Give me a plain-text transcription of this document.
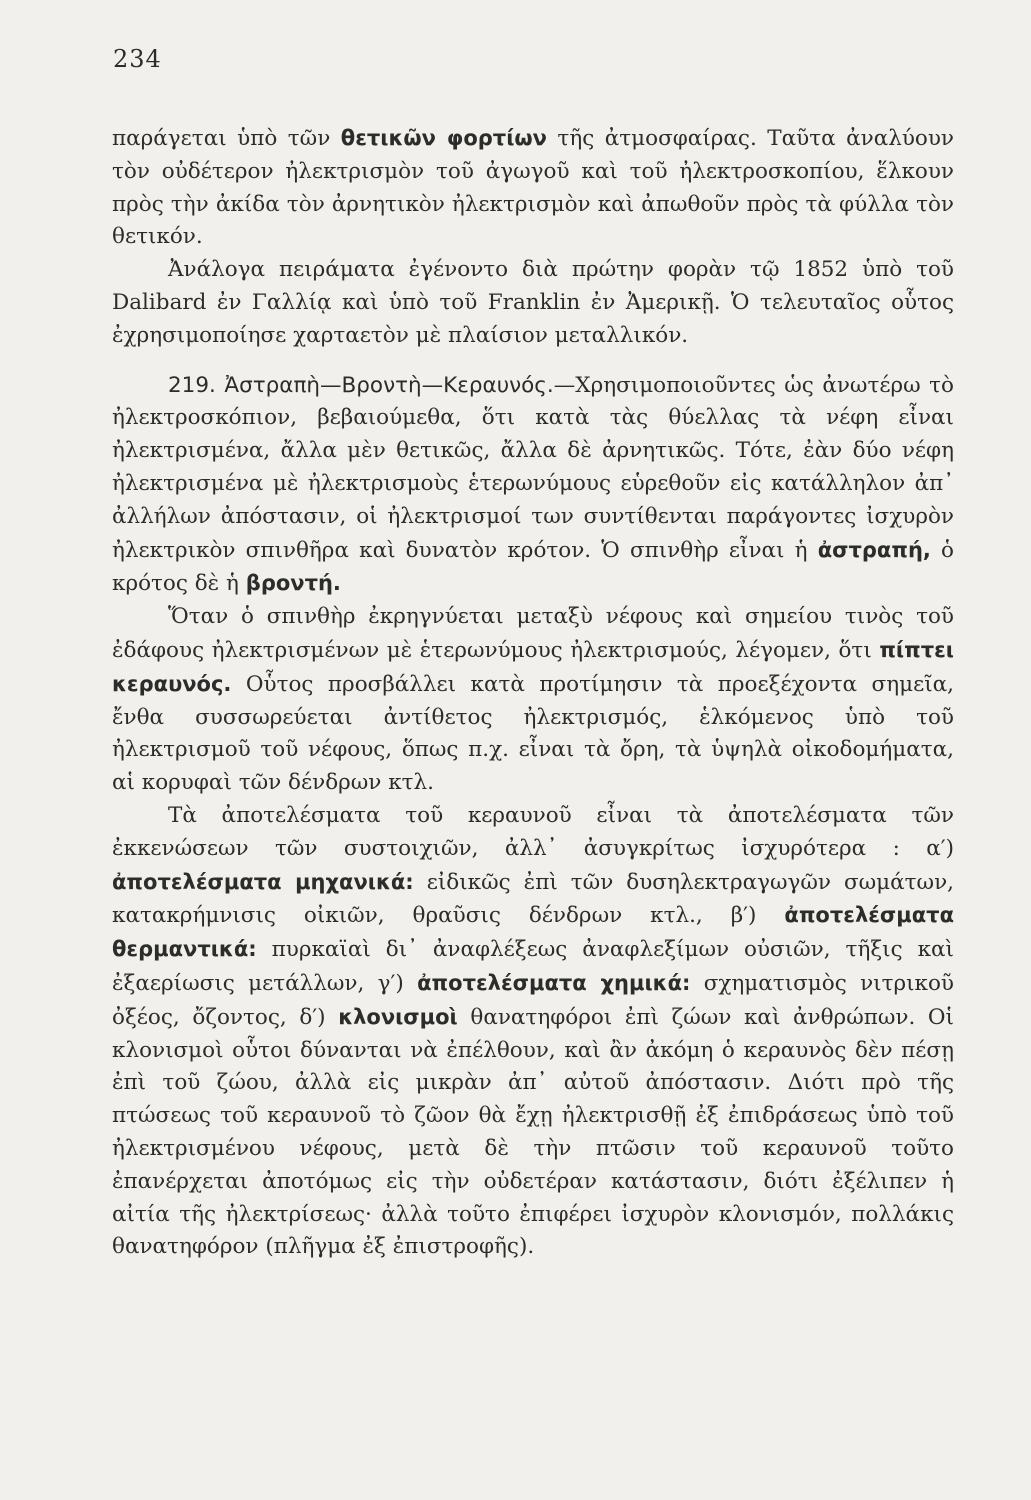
234

παράγεται ὑπὸ τῶν θετικῶν φορτίων τῆς ἀτμοσφαίρας. Ταῦτα ἀναλύουν τὸν οὐδέτερον ἠλεκτρισμὸν τοῦ ἀγωγοῦ καὶ τοῦ ἠλεκτροσκοπίου, ἕλκουν πρὸς τὴν ἀκίδα τὸν ἀρνητικὸν ἠλεκτρισμὸν καὶ ἀπωθοῦν πρὸς τὰ φύλλα τὸν θετικόν.

Ἀνάλογα πειράματα ἐγένοντο διὰ πρώτην φορὰν τῷ 1852 ὑπὸ τοῦ Dalibard ἐν Γαλλίᾳ καὶ ὑπὸ τοῦ Franklin ἐν Ἀμερικῇ. Ὁ τελευταῖος οὗτος ἐχρησιμοποίησε χαρταετὸν μὲ πλαίσιον μεταλλικόν.

219. Ἀστραπὴ—Βροντὴ—Κεραυνός.—Χρησιμοποιοῦντες ὡς ἀνωτέρω τὸ ἠλεκτροσκόπιον, βεβαιούμεθα, ὅτι κατὰ τὰς θύελλας τὰ νέφη εἶναι ἠλεκτρισμένα, ἄλλα μὲν θετικῶς, ἄλλα δὲ ἀρνητικῶς. Τότε, ἐὰν δύο νέφη ἠλεκτρισμένα μὲ ἠλεκτρισμοὺς ἑτερωνύμους εὑρεθοῦν εἰς κατάλληλον ἀπ᾽ ἀλλήλων ἀπόστασιν, οἱ ἠλεκτρισμοί των συντίθενται παράγοντες ἰσχυρὸν ἠλεκτρικὸν σπινθῆρα καὶ δυνατὸν κρότον. Ὁ σπινθὴρ εἶναι ἡ ἀστραπή, ὁ κρότος δὲ ἡ βροντή.

Ὅταν ὁ σπινθὴρ ἐκρηγνύεται μεταξὺ νέφους καὶ σημείου τινὸς τοῦ ἐδάφους ἠλεκτρισμένων μὲ ἑτερωνύμους ἠλεκτρισμούς, λέγομεν, ὅτι πίπτει κεραυνός. Οὗτος προσβάλλει κατὰ προτίμησιν τὰ προεξέχοντα σημεῖα, ἔνθα συσσωρεύεται ἀντίθετος ἠλεκτρισμός, ἑλκόμενος ὑπὸ τοῦ ἠλεκτρισμοῦ τοῦ νέφους, ὅπως π.χ. εἶναι τὰ ὄρη, τὰ ὑψηλὰ οἰκοδομήματα, αἱ κορυφαὶ τῶν δένδρων κτλ.

Τὰ ἀποτελέσματα τοῦ κεραυνοῦ εἶναι τὰ ἀποτελέσματα τῶν ἐκκενώσεων τῶν συστοιχιῶν, ἀλλ᾽ ἀσυγκρίτως ἰσχυρότερα : α′) ἀποτελέσματα μηχανικά: εἰδικῶς ἐπὶ τῶν δυσηλεκτραγωγῶν σωμάτων, κατακρήμνισις οἰκιῶν, θραῦσις δένδρων κτλ., β′) ἀποτελέσματα θερμαντικά: πυρκαϊαὶ δι᾽ ἀναφλέξεως ἀναφλεξίμων οὐσιῶν, τῆξις καὶ ἐξαερίωσις μετάλλων, γ′) ἀποτελέσματα χημικά: σχηματισμὸς νιτρικοῦ ὀξέος, ὄζοντος, δ′) κλονισμοὶ θανατηφόροι ἐπὶ ζώων καὶ ἀνθρώπων. Οἱ κλονισμοὶ οὗτοι δύνανται νὰ ἐπέλθουν, καὶ ἂν ἀκόμη ὁ κεραυνὸς δὲν πέσῃ ἐπὶ τοῦ ζώου, ἀλλὰ εἰς μικρὰν ἀπ᾽ αὐτοῦ ἀπόστασιν. Διότι πρὸ τῆς πτώσεως τοῦ κεραυνοῦ τὸ ζῶον θὰ ἔχῃ ἠλεκτρισθῇ ἐξ ἐπιδράσεως ὑπὸ τοῦ ἠλεκτρισμένου νέφους, μετὰ δὲ τὴν πτῶσιν τοῦ κεραυνοῦ τοῦτο ἐπανέρχεται ἀποτόμως εἰς τὴν οὐδετέραν κατάστασιν, διότι ἐξέλιπεν ἡ αἰτία τῆς ἠλεκτρίσεως· ἀλλὰ τοῦτο ἐπιφέρει ἰσχυρὸν κλονισμόν, πολλάκις θανατηφόρον (πλῆγμα ἐξ ἐπιστροφῆς).
